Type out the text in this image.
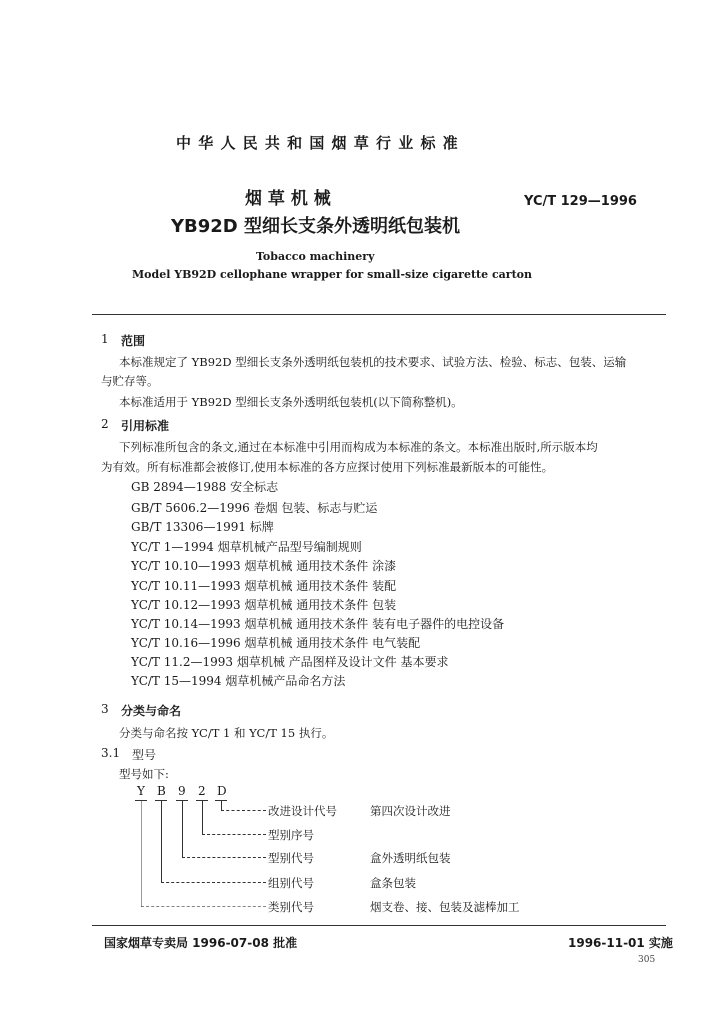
中 华 人 民 共 和 国 烟 草 行 业 标 准
烟 草 机 械	YC/T 129—1996
YB92D 型细长支条外透明纸包装机
Tobacco machinery
Model YB92D cellophane wrapper for small-size cigarette carton
1 范围
本标准规定了 YB92D 型细长支条外透明纸包装机的技术要求、试验方法、检验、标志、包装、运输
与贮存等。
本标准适用于 YB92D 型细长支条外透明纸包装机(以下简称整机)。
2 引用标准
下列标准所包含的条文,通过在本标准中引用而构成为本标准的条文。本标准出版时,所示版本均
为有效。所有标准都会被修订,使用本标准的各方应探讨使用下列标准最新版本的可能性。
GB 2894—1988 安全标志
GB/T 5606.2—1996 卷烟 包装、标志与贮运
GB/T 13306—1991 标牌
YC/T 1—1994 烟草机械产品型号编制规则
YC/T 10.10—1993 烟草机械 通用技术条件 涂漆
YC/T 10.11—1993 烟草机械 通用技术条件 装配
YC/T 10.12—1993 烟草机械 通用技术条件 包装
YC/T 10.14—1993 烟草机械 通用技术条件 装有电子器件的电控设备
YC/T 10.16—1996 烟草机械 通用技术条件 电气装配
YC/T 11.2—1993 烟草机械 产品图样及设计文件 基本要求
YC/T 15—1994 烟草机械产品命名方法
3 分类与命名
分类与命名按 YC/T 1 和 YC/T 15 执行。
3.1 型号
型号如下:
Y B 9 2 D
改进设计代号	第四次设计改进
型别序号
型别代号	盒外透明纸包装
组别代号	盒条包装
类别代号	烟支卷、接、包装及滤棒加工
国家烟草专卖局 1996-07-08 批准	1996-11-01 实施
305
